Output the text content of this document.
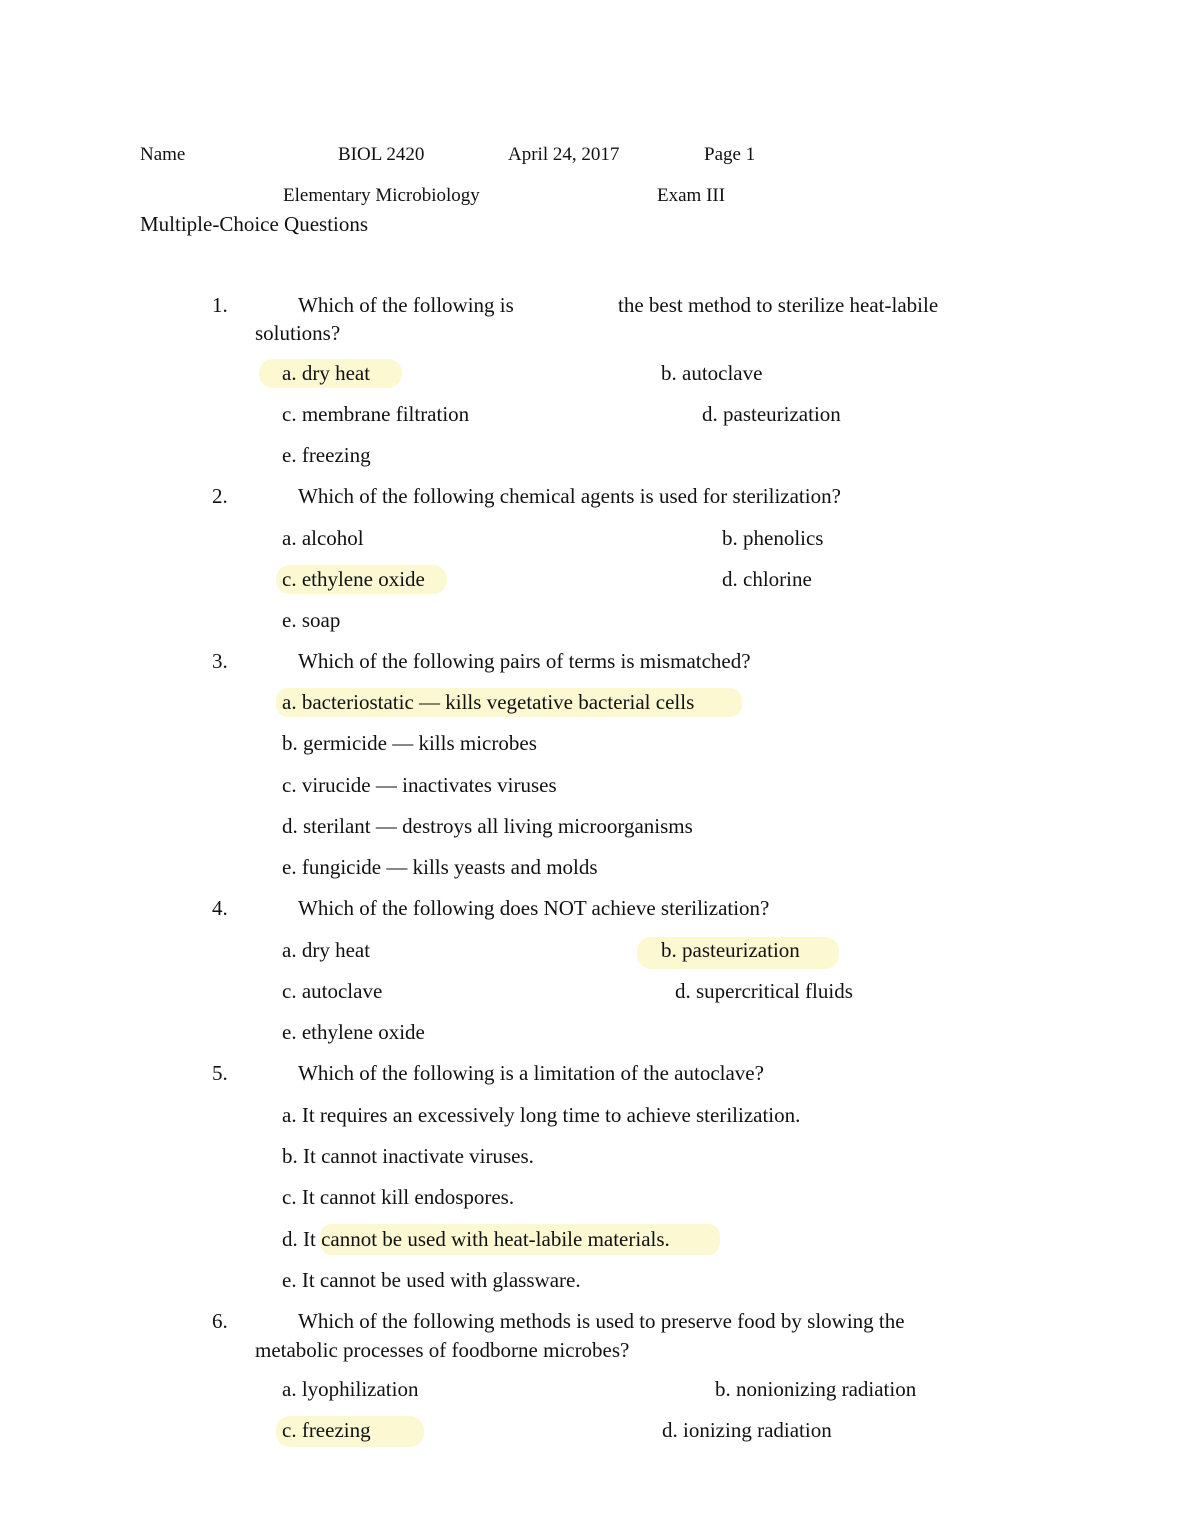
Name	BIOL 2420	April 24, 2017	Page 1
Elementary Microbiology	Exam III
Multiple-Choice Questions
1.	Which of the following is	the best method to sterilize heat-labile
solutions?
a. dry heat	b. autoclave
c. membrane filtration	d. pasteurization
e. freezing
2.	Which of the following chemical agents is used for sterilization?
a. alcohol	b. phenolics
c. ethylene oxide	d. chlorine
e. soap
3.	Which of the following pairs of terms is mismatched?
a. bacteriostatic — kills vegetative bacterial cells
b. germicide — kills microbes
c. virucide — inactivates viruses
d. sterilant — destroys all living microorganisms
e. fungicide — kills yeasts and molds
4.	Which of the following does NOT achieve sterilization?
a. dry heat	b. pasteurization
c. autoclave	d. supercritical fluids
e. ethylene oxide
5.	Which of the following is a limitation of the autoclave?
a. It requires an excessively long time to achieve sterilization.
b. It cannot inactivate viruses.
c. It cannot kill endospores.
d. It cannot be used with heat-labile materials.
e. It cannot be used with glassware.
6.	Which of the following methods is used to preserve food by slowing the
metabolic processes of foodborne microbes?
a. lyophilization	b. nonionizing radiation
c. freezing	d. ionizing radiation
